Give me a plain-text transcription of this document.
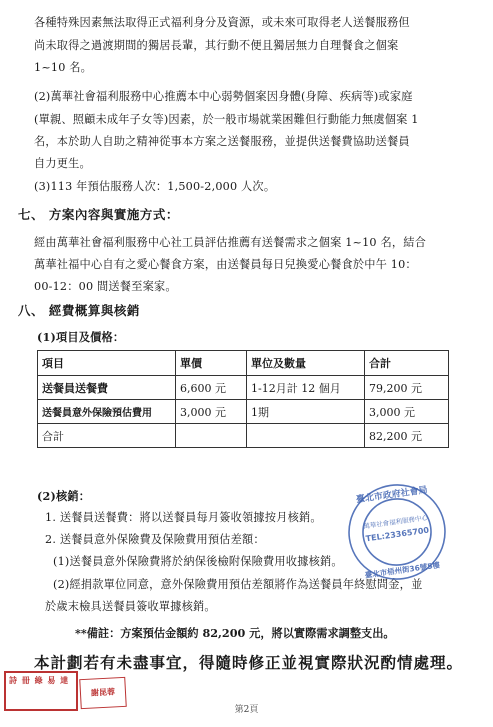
各種特殊因素無法取得正式福利身分及資源，或未來可取得老人送餐服務但
尚未取得之過渡期間的獨居長輩，其行動不便且獨居無力自理餐食之個案
1~10 名。
(2)萬華社會福利服務中心推薦本中心弱勢個案因身體(身障、疾病等)或家庭
(單親、照顧未成年子女等)因素，於一般市場就業困難但行動能力無虞個案 1
名，本於助人自助之精神從事本方案之送餐服務，並提供送餐費協助送餐員
自力更生。
(3)113 年預估服務人次：1,500-2,000 人次。
七、 方案內容與實施方式：
經由萬華社會福利服務中心社工員評估推薦有送餐需求之個案 1~10 名，結合
萬華社福中心自有之愛心餐食方案，由送餐員每日兒換愛心餐食於中午 10：
00-12：00 間送餐至案家。
八、 經費概算與核銷
(1)項目及價格：
項目	單價	單位及數量	合計
送餐員送餐費	6,600 元	1-12月計 12 個月	79,200 元
送餐員意外保險預估費用	3,000 元	1期	3,000 元
合計			82,200 元
(2)核銷：
1. 送餐員送餐費：將以送餐員每月簽收領據按月核銷。
2. 送餐員意外保險費及保險費用預估差額：
(1)送餐員意外保險費將於納保後檢附保險費用收據核銷。
(2)經捐款單位同意，意外保險費用預估差額將作為送餐員年終慰問金，並
於歲末檢具送餐員簽收單據核銷。
**備註：方案預估金額約 82,200 元，將以實際需求調整支出。
本計劃若有未盡事宜，得隨時修正並視實際狀況酌情處理。
臺北市政府社會局
萬華社會福利服務中心
TEL:23365700
臺北市梧州街36號5樓
詩 冊 綠 易 達
謝昆蓉
第2頁
